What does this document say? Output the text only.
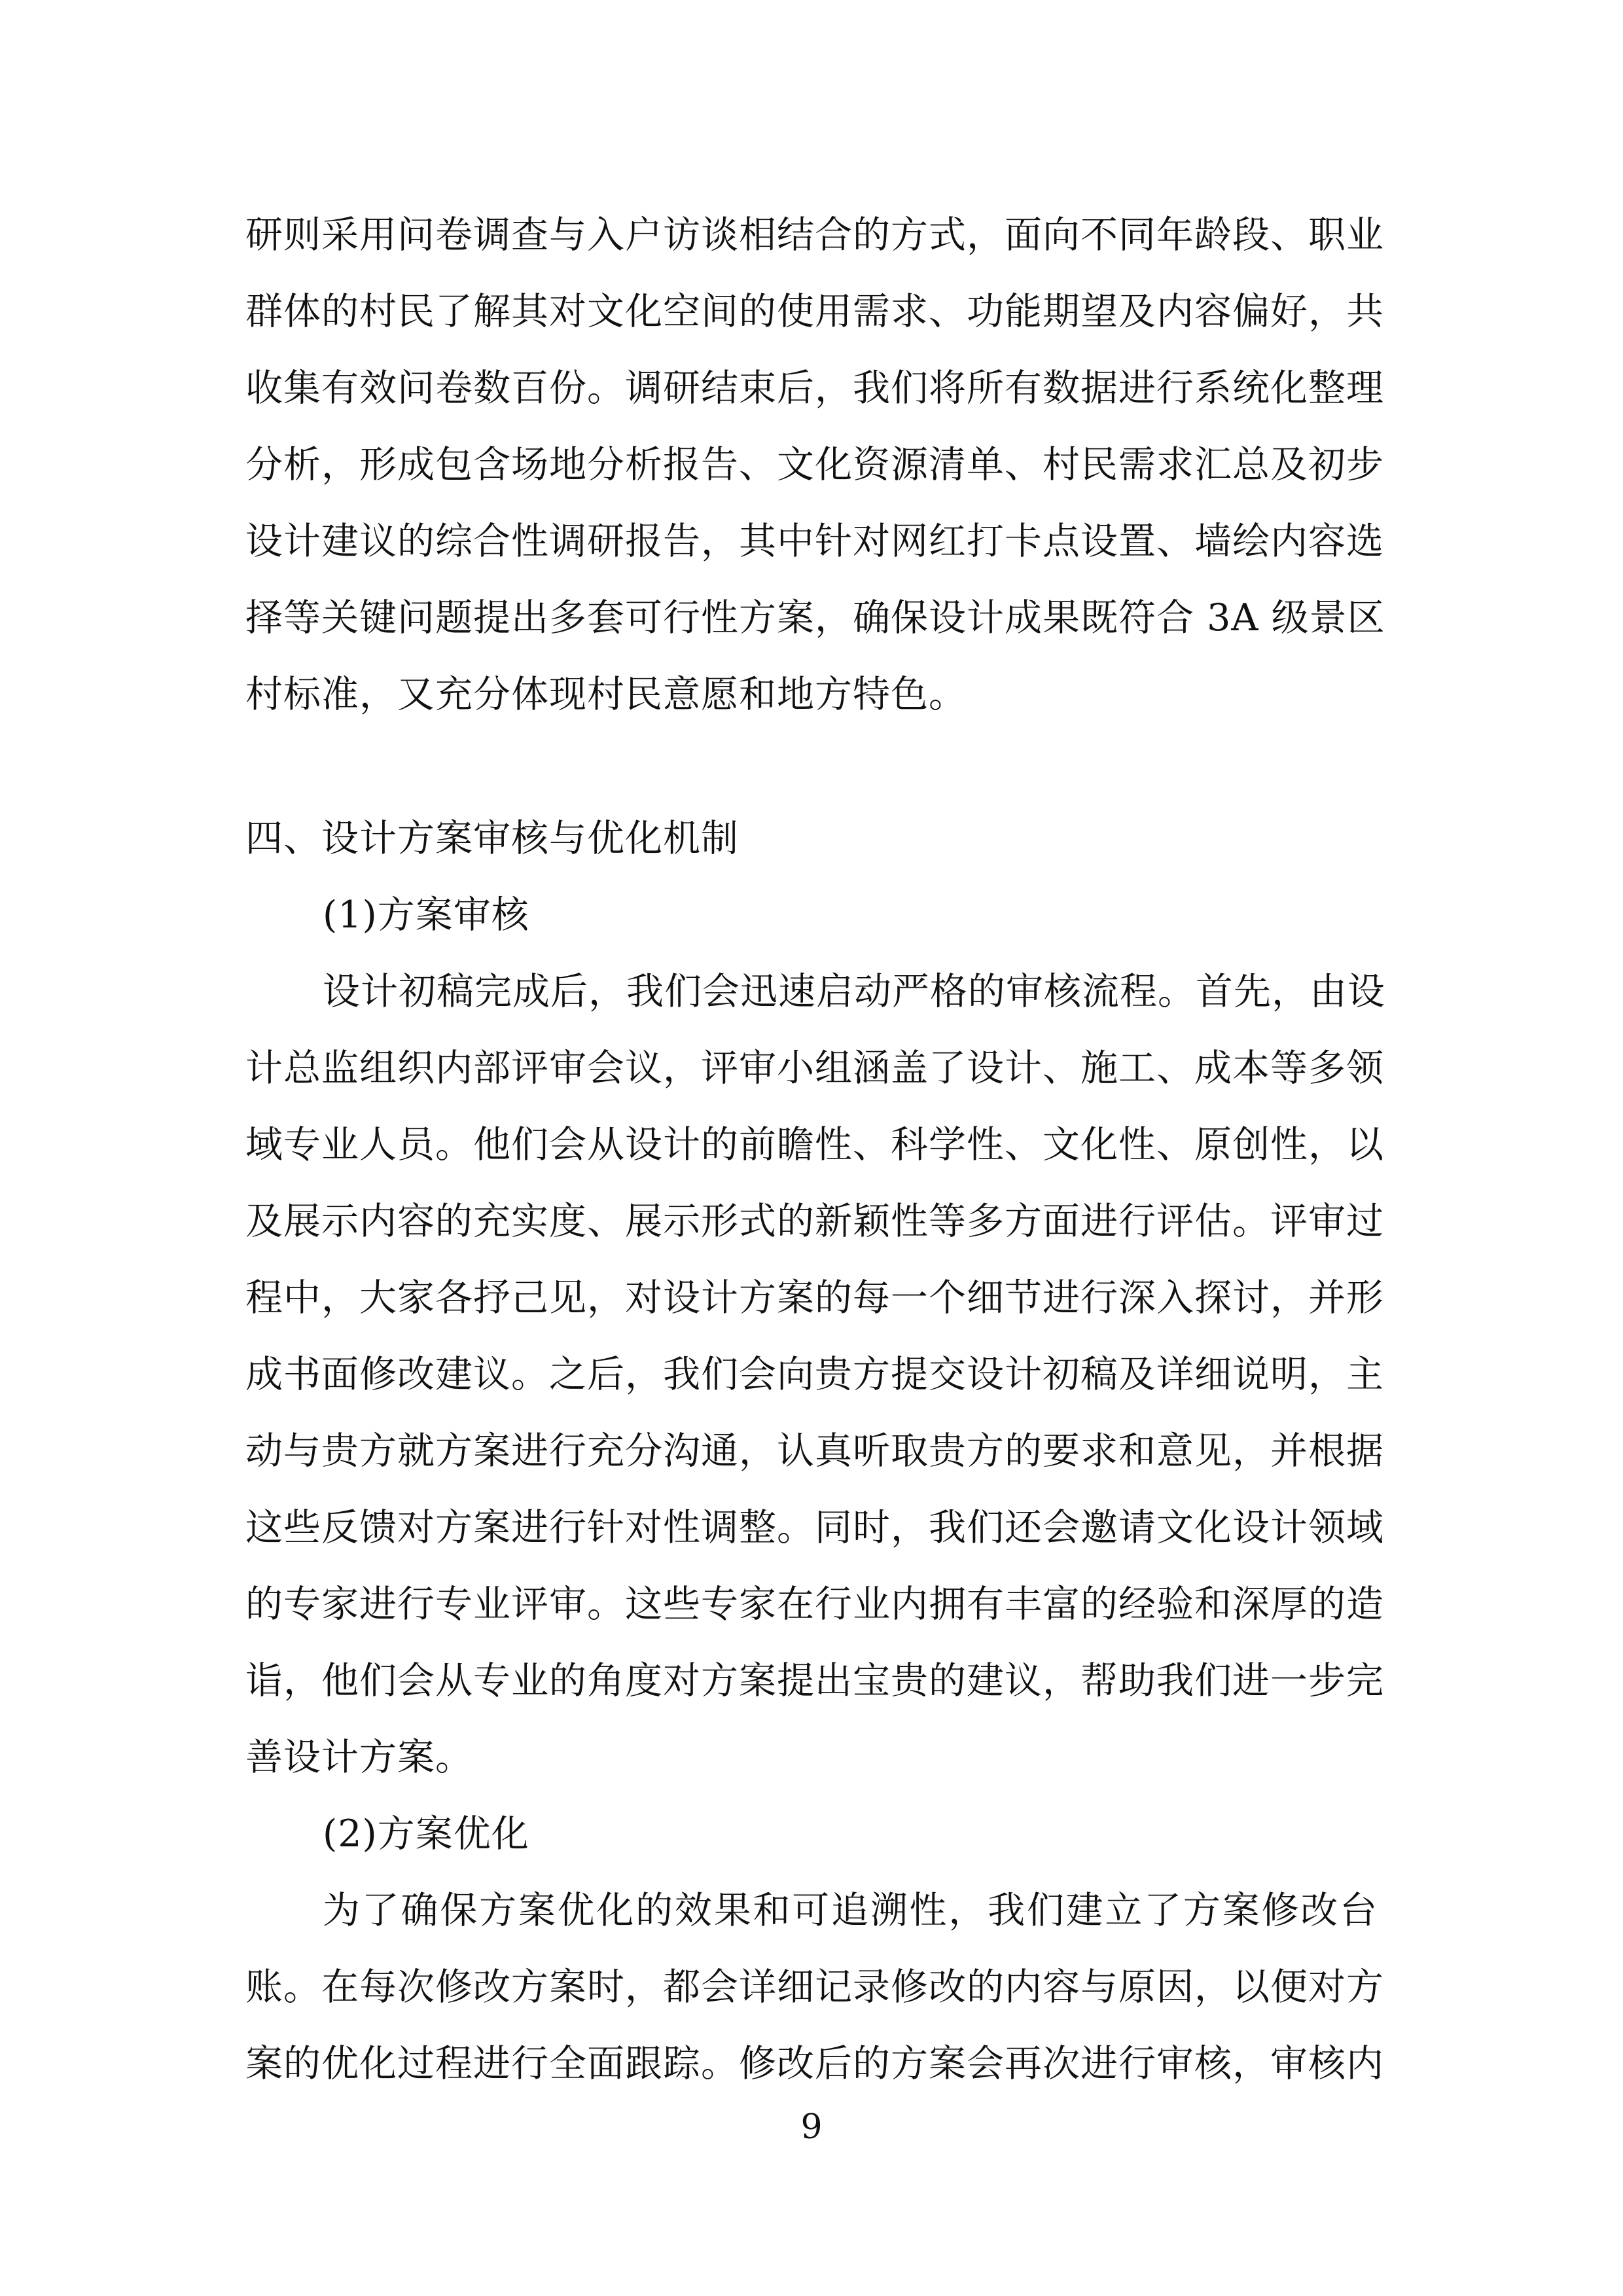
研则采用问卷调查与入户访谈相结合的方式，面向不同年龄段、职业
群体的村民了解其对文化空间的使用需求、功能期望及内容偏好，共
收集有效问卷数百份。调研结束后，我们将所有数据进行系统化整理
分析，形成包含场地分析报告、文化资源清单、村民需求汇总及初步
设计建议的综合性调研报告，其中针对网红打卡点设置、墙绘内容选
择等关键问题提出多套可行性方案，确保设计成果既符合 3A 级景区
村标准，又充分体现村民意愿和地方特色。
四、设计方案审核与优化机制
(1)方案审核
设计初稿完成后，我们会迅速启动严格的审核流程。首先，由设
计总监组织内部评审会议，评审小组涵盖了设计、施工、成本等多领
域专业人员。他们会从设计的前瞻性、科学性、文化性、原创性，以
及展示内容的充实度、展示形式的新颖性等多方面进行评估。评审过
程中，大家各抒己见，对设计方案的每一个细节进行深入探讨，并形
成书面修改建议。之后，我们会向贵方提交设计初稿及详细说明，主
动与贵方就方案进行充分沟通，认真听取贵方的要求和意见，并根据
这些反馈对方案进行针对性调整。同时，我们还会邀请文化设计领域
的专家进行专业评审。这些专家在行业内拥有丰富的经验和深厚的造
诣，他们会从专业的角度对方案提出宝贵的建议，帮助我们进一步完
善设计方案。
(2)方案优化
为了确保方案优化的效果和可追溯性，我们建立了方案修改台
账。在每次修改方案时，都会详细记录修改的内容与原因，以便对方
案的优化过程进行全面跟踪。修改后的方案会再次进行审核，审核内
9
